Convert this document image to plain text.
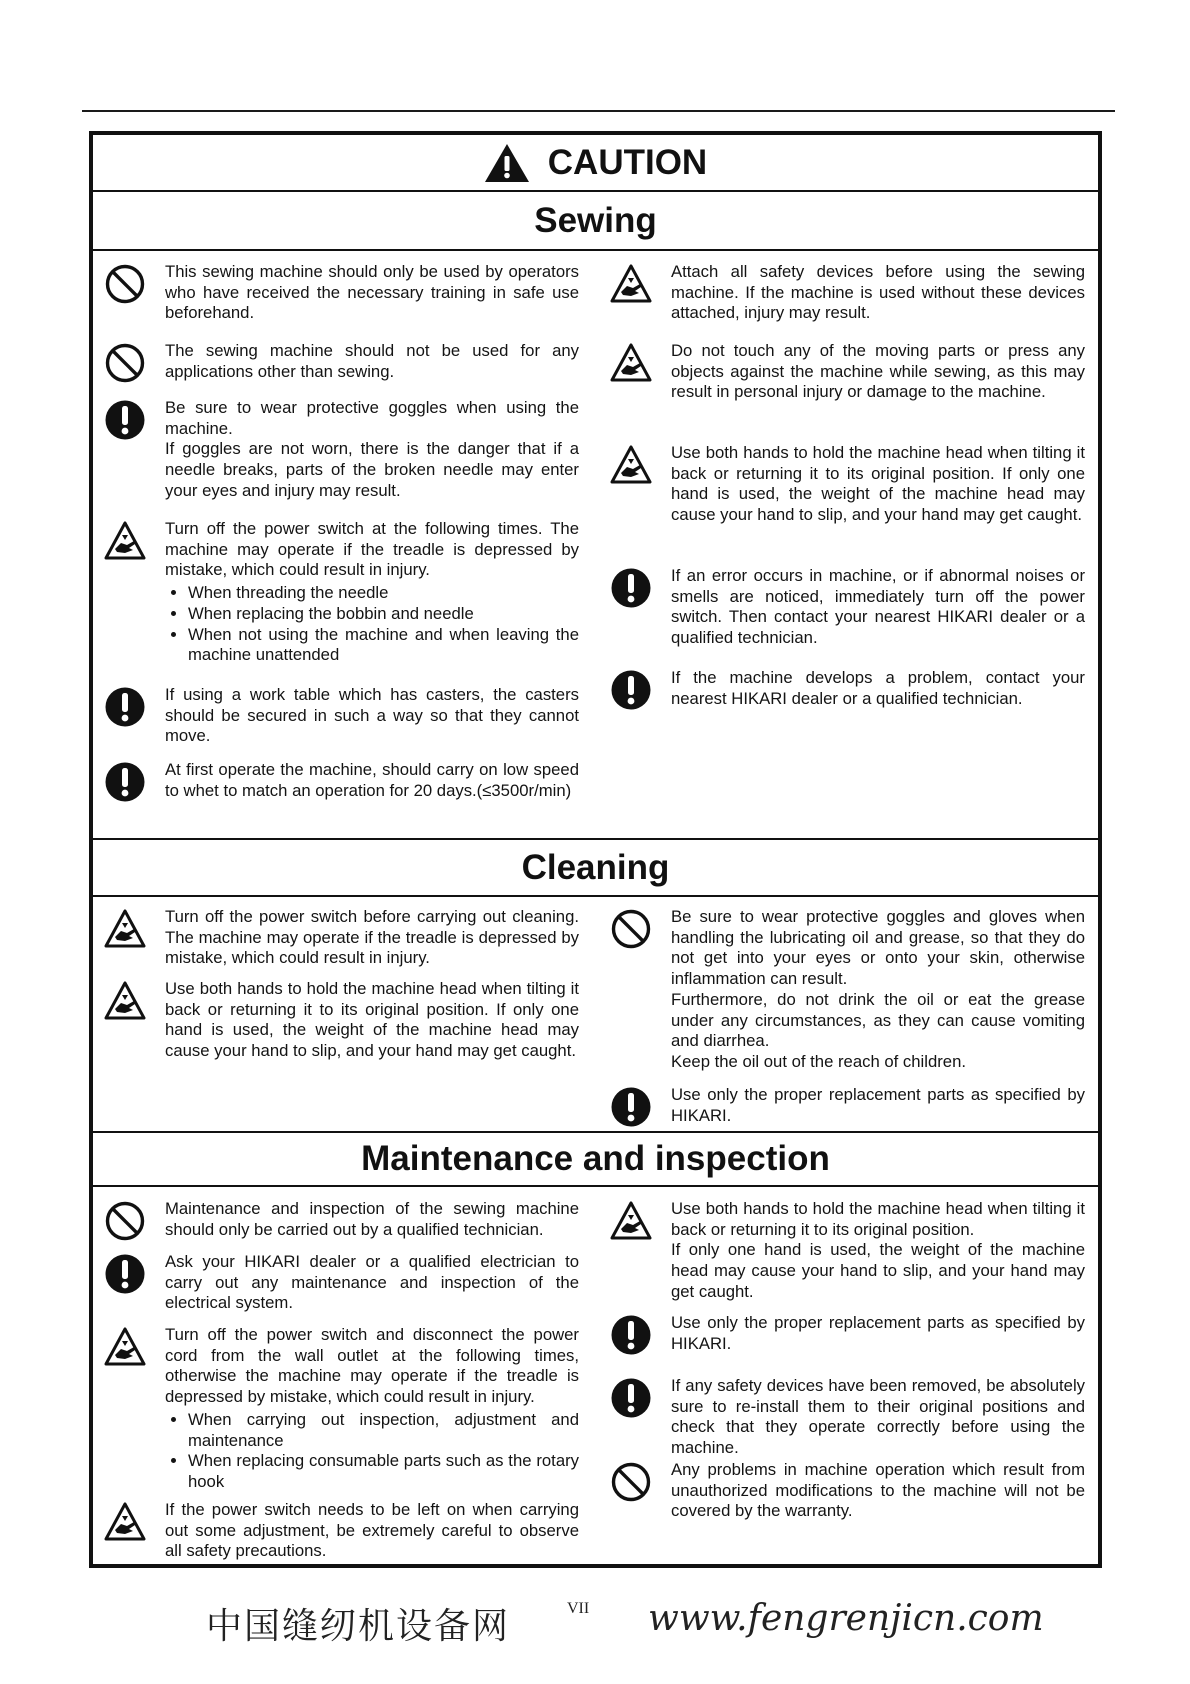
CAUTION
Sewing

This sewing machine should only be used by operators who have received the necessary training in safe use beforehand.

The sewing machine should not be used for any applications other than sewing.

Be sure to wear protective goggles when using the machine.

If goggles are not worn, there is the danger that if a needle breaks, parts of the broken needle may enter your eyes and injury may result.

Turn off the power switch at the following times. The machine may operate if the treadle is depressed by mistake, which could result in injury.

• When threading the needle
• When replacing the bobbin and needle
• When not using the machine and when leaving the machine unattended

If using a work table which has casters, the casters should be secured in such a way so that they cannot move.

At first operate the machine, should carry on low speed to whet to match an operation for 20 days.(≤3500r/min)

Attach all safety devices before using the sewing machine. If the machine is used without these devices attached, injury may result.

Do not touch any of the moving parts or press any objects against the machine while sewing, as this may result in personal injury or damage to the machine.

Use both hands to hold the machine head when tilting it back or returning it to its original position. If only one hand is used, the weight of the machine head may cause your hand to slip, and your hand may get caught.

If an error occurs in machine, or if abnormal noises or smells are noticed, immediately turn off the power switch. Then contact your nearest HIKARI dealer or a qualified technician.

If the machine develops a problem, contact your nearest HIKARI dealer or a qualified technician.

Cleaning

Turn off the power switch before carrying out cleaning. The machine may operate if the treadle is depressed by mistake, which could result in injury.

Use both hands to hold the machine head when tilting it back or returning it to its original position. If only one hand is used, the weight of the machine head may cause your hand to slip, and your hand may get caught.

Be sure to wear protective goggles and gloves when handling the lubricating oil and grease, so that they do not get into your eyes or onto your skin, otherwise inflammation can result.

Furthermore, do not drink the oil or eat the grease under any circumstances, as they can cause vomiting and diarrhea.

Keep the oil out of the reach of children.

Use only the proper replacement parts as specified by HIKARI.

Maintenance and inspection

Maintenance and inspection of the sewing machine should only be carried out by a qualified technician.

Ask your HIKARI dealer or a qualified electrician to carry out any maintenance and inspection of the electrical system.

Turn off the power switch and disconnect the power cord from the wall outlet at the following times, otherwise the machine may operate if the treadle is depressed by mistake, which could result in injury.

• When carrying out inspection, adjustment and maintenance
• When replacing consumable parts such as the rotary hook

If the power switch needs to be left on when carrying out some adjustment, be extremely careful to observe all safety precautions.

Use both hands to hold the machine head when tilting it back or returning it to its original position.

If only one hand is used, the weight of the machine head may cause your hand to slip, and your hand may get caught.

Use only the proper replacement parts as specified by HIKARI.

If any safety devices have been removed, be absolutely sure to re-install them to their original positions and check that they operate correctly before using the machine.

Any problems in machine operation which result from unauthorized modifications to the machine will not be covered by the warranty.

中国缝纫机设备网	VII www.fengrenjicn.com
